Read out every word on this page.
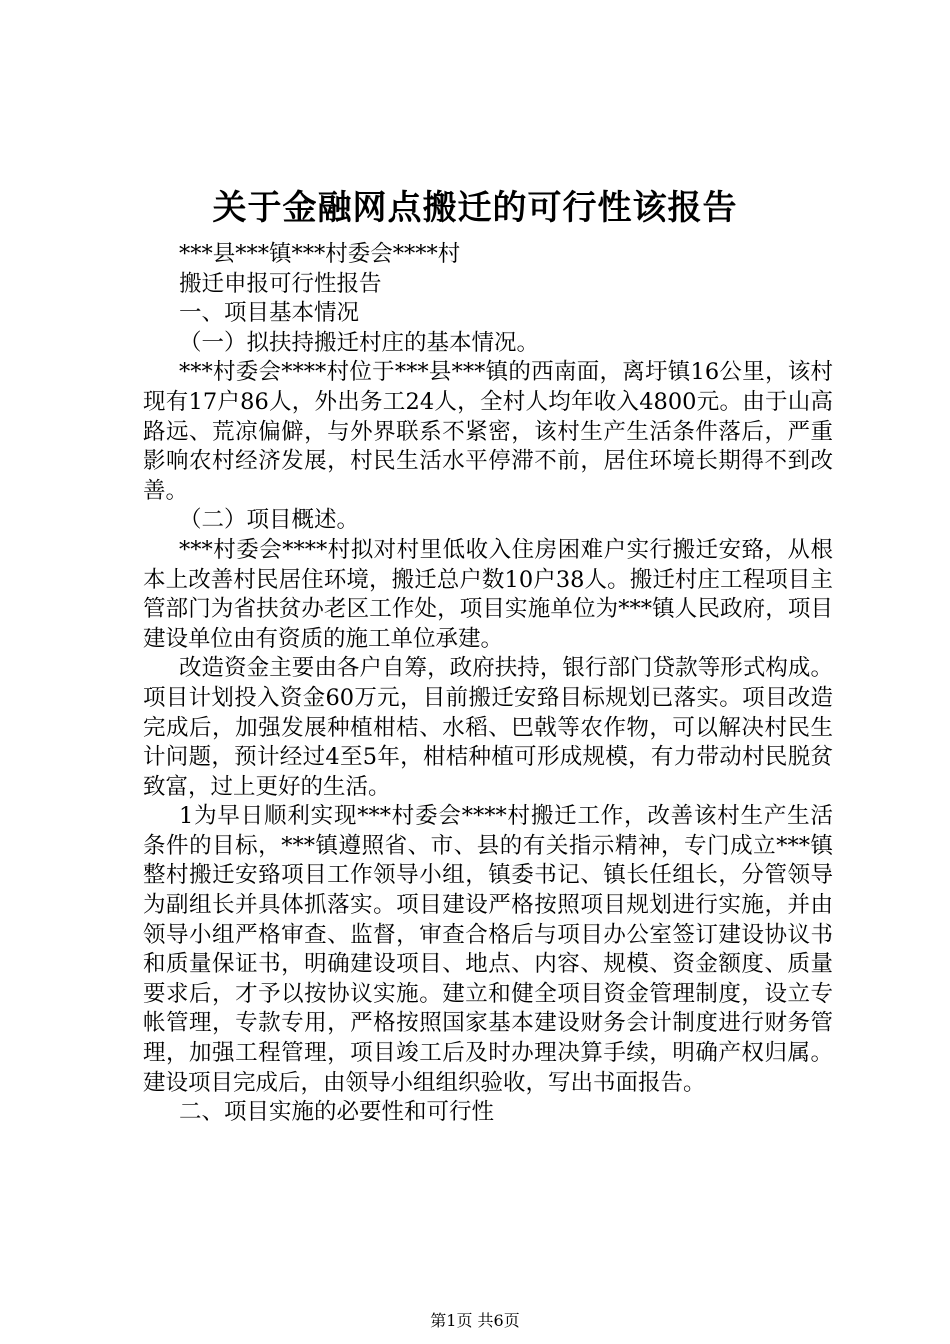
关于金融网点搬迁的可行性该报告

***县***镇***村委会****村

搬迁申报可行性报告

一、项目基本情况

（一）拟扶持搬迁村庄的基本情况。

***村委会****村位于***县***镇的西南面，离圩镇16公里，该村现有17户86人，外出务工24人，全村人均年收入4800元。由于山高路远、荒凉偏僻，与外界联系不紧密，该村生产生活条件落后，严重影响农村经济发展，村民生活水平停滞不前，居住环境长期得不到改善。

（二）项目概述。

***村委会****村拟对村里低收入住房困难户实行搬迁安臵，从根本上改善村民居住环境，搬迁总户数10户38人。搬迁村庄工程项目主管部门为省扶贫办老区工作处，项目实施单位为***镇人民政府，项目建设单位由有资质的施工单位承建。

改造资金主要由各户自筹，政府扶持，银行部门贷款等形式构成。项目计划投入资金60万元，目前搬迁安臵目标规划已落实。项目改造完成后，加强发展种植柑桔、水稻、巴戟等农作物，可以解决村民生计问题，预计经过4至5年，柑桔种植可形成规模，有力带动村民脱贫致富，过上更好的生活。

1为早日顺利实现***村委会****村搬迁工作，改善该村生产生活条件的目标，***镇遵照省、市、县的有关指示精神，专门成立***镇整村搬迁安臵项目工作领导小组，镇委书记、镇长任组长，分管领导为副组长并具体抓落实。项目建设严格按照项目规划进行实施，并由领导小组严格审查、监督，审查合格后与项目办公室签订建设协议书和质量保证书，明确建设项目、地点、内容、规模、资金额度、质量要求后，才予以按协议实施。建立和健全项目资金管理制度，设立专帐管理，专款专用，严格按照国家基本建设财务会计制度进行财务管理，加强工程管理，项目竣工后及时办理决算手续，明确产权归属。建设项目完成后，由领导小组组织验收，写出书面报告。

二、项目实施的必要性和可行性

第1页 共6页
